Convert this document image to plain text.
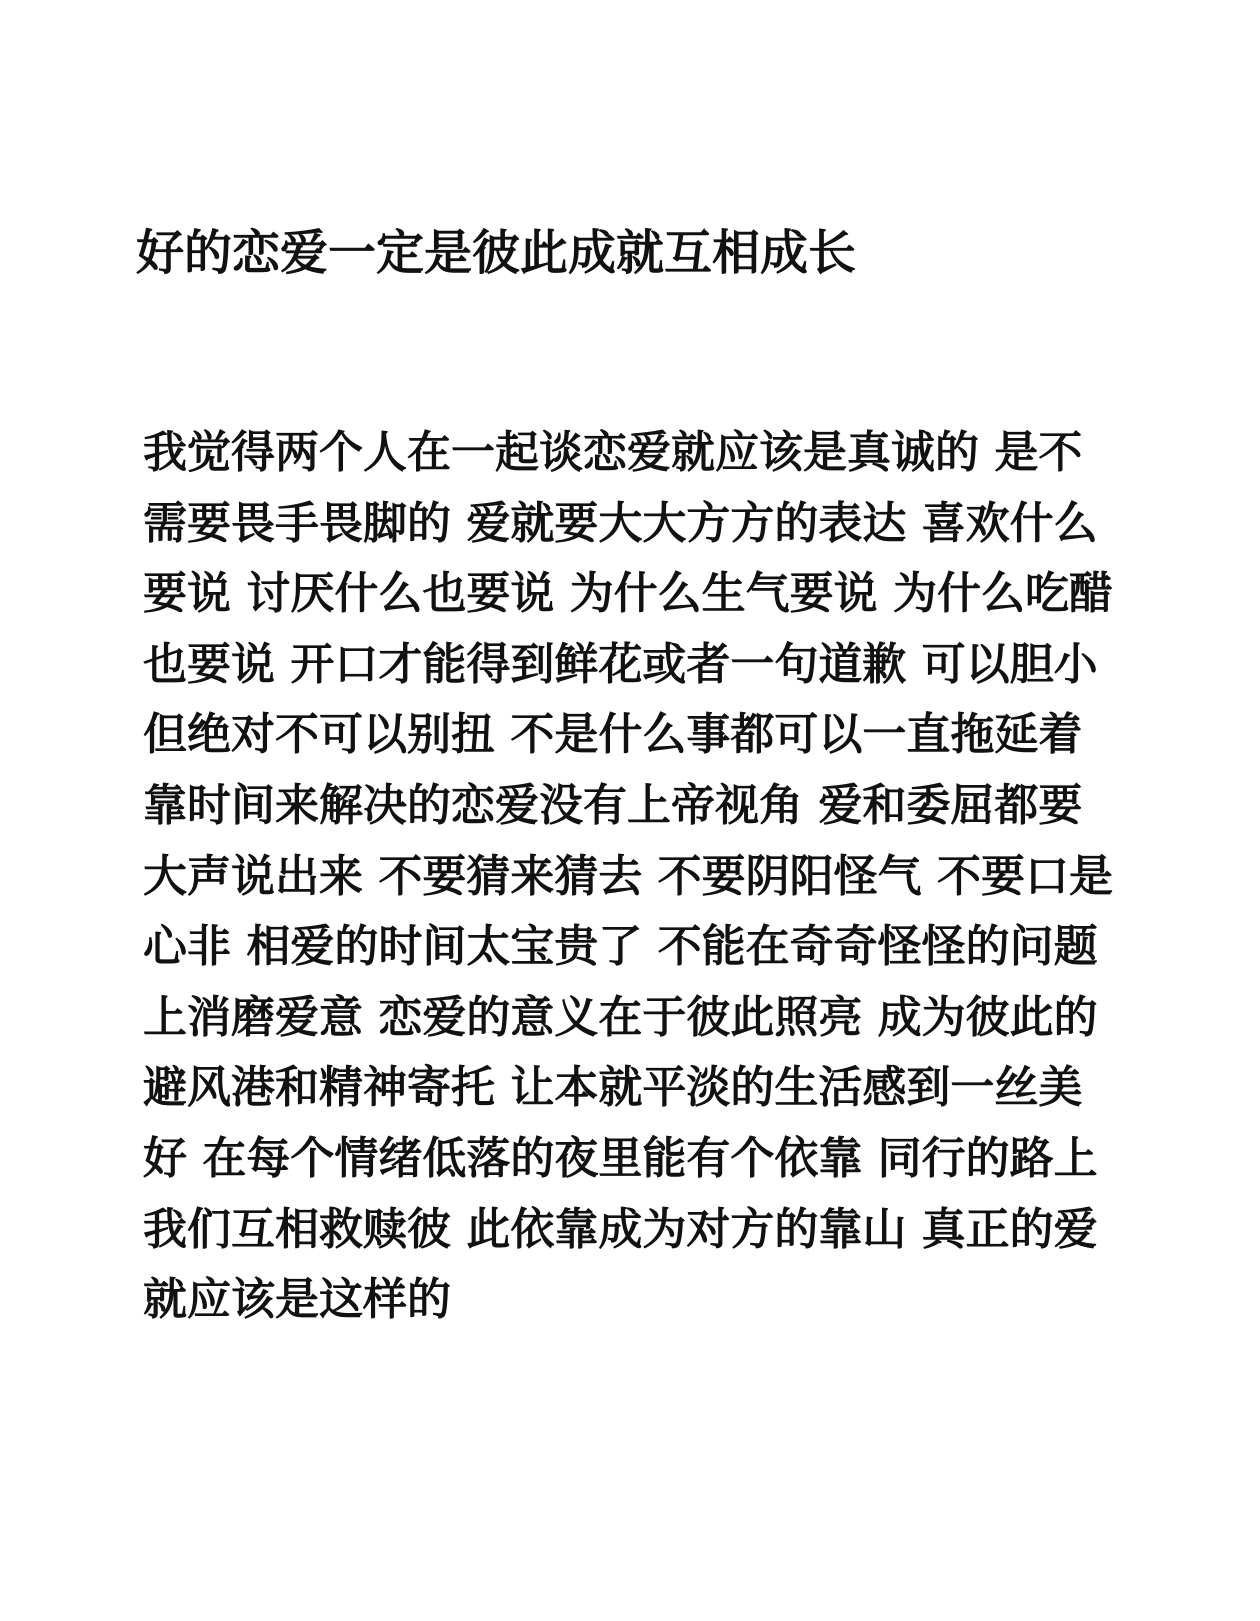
好的恋爱一定是彼此成就互相成长
我觉得两个人在一起谈恋爱就应该是真诚的 是不
需要畏手畏脚的 爱就要大大方方的表达 喜欢什么
要说 讨厌什么也要说 为什么生气要说 为什么吃醋
也要说 开口才能得到鲜花或者一句道歉 可以胆小
但绝对不可以别扭 不是什么事都可以一直拖延着
靠时间来解决的恋爱没有上帝视角 爱和委屈都要
大声说出来 不要猜来猜去 不要阴阳怪气 不要口是
心非 相爱的时间太宝贵了 不能在奇奇怪怪的问题
上消磨爱意 恋爱的意义在于彼此照亮 成为彼此的
避风港和精神寄托 让本就平淡的生活感到一丝美
好 在每个情绪低落的夜里能有个依靠 同行的路上
我们互相救赎彼 此依靠成为对方的靠山 真正的爱
就应该是这样的
